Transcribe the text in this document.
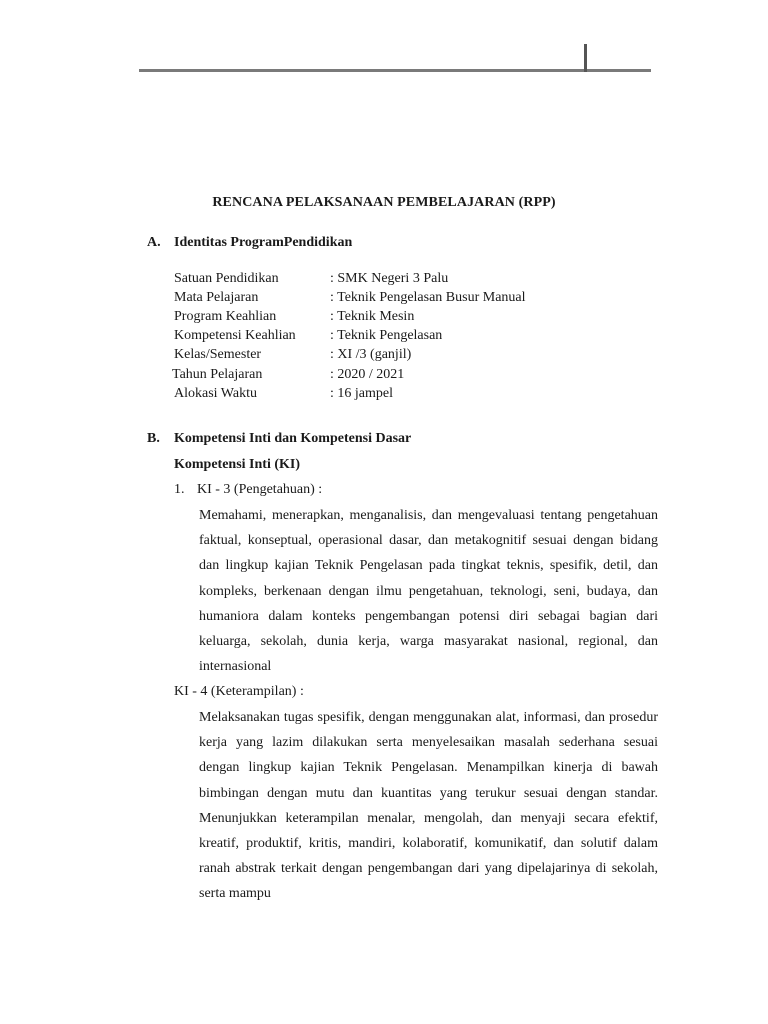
RENCANA PELAKSANAAN PEMBELAJARAN (RPP)
A. Identitas ProgramPendidikan
Satuan Pendidikan	: SMK Negeri 3 Palu
Mata Pelajaran	: Teknik Pengelasan Busur Manual
Program Keahlian	: Teknik Mesin
Kompetensi Keahlian : Teknik Pengelasan
Kelas/Semester	: XI /3 (ganjil)
Tahun Pelajaran	: 2020 / 2021
Alokasi Waktu	: 16 jampel
B. Kompetensi Inti dan Kompetensi Dasar
Kompetensi Inti (KI)
1. KI - 3 (Pengetahuan) :

Memahami, menerapkan, menganalisis, dan mengevaluasi tentang pengetahuan faktual, konseptual, operasional dasar, dan metakognitif sesuai dengan bidang dan lingkup kajian Teknik Pengelasan pada tingkat teknis, spesifik, detil, dan kompleks, berkenaan dengan ilmu pengetahuan, teknologi, seni, budaya, dan humaniora dalam konteks pengembangan potensi diri sebagai bagian dari keluarga, sekolah, dunia kerja, warga masyarakat nasional, regional, dan internasional

KI - 4 (Keterampilan) :

Melaksanakan tugas spesifik, dengan menggunakan alat, informasi, dan prosedur kerja yang lazim dilakukan serta menyelesaikan masalah sederhana sesuai dengan lingkup kajian Teknik Pengelasan. Menampilkan kinerja di bawah bimbingan dengan mutu dan kuantitas yang terukur sesuai dengan standar. Menunjukkan keterampilan menalar, mengolah, dan menyaji secara efektif, kreatif, produktif, kritis, mandiri, kolaboratif, komunikatif, dan solutif dalam ranah abstrak terkait dengan pengembangan dari yang dipelajarinya di sekolah, serta mampu
